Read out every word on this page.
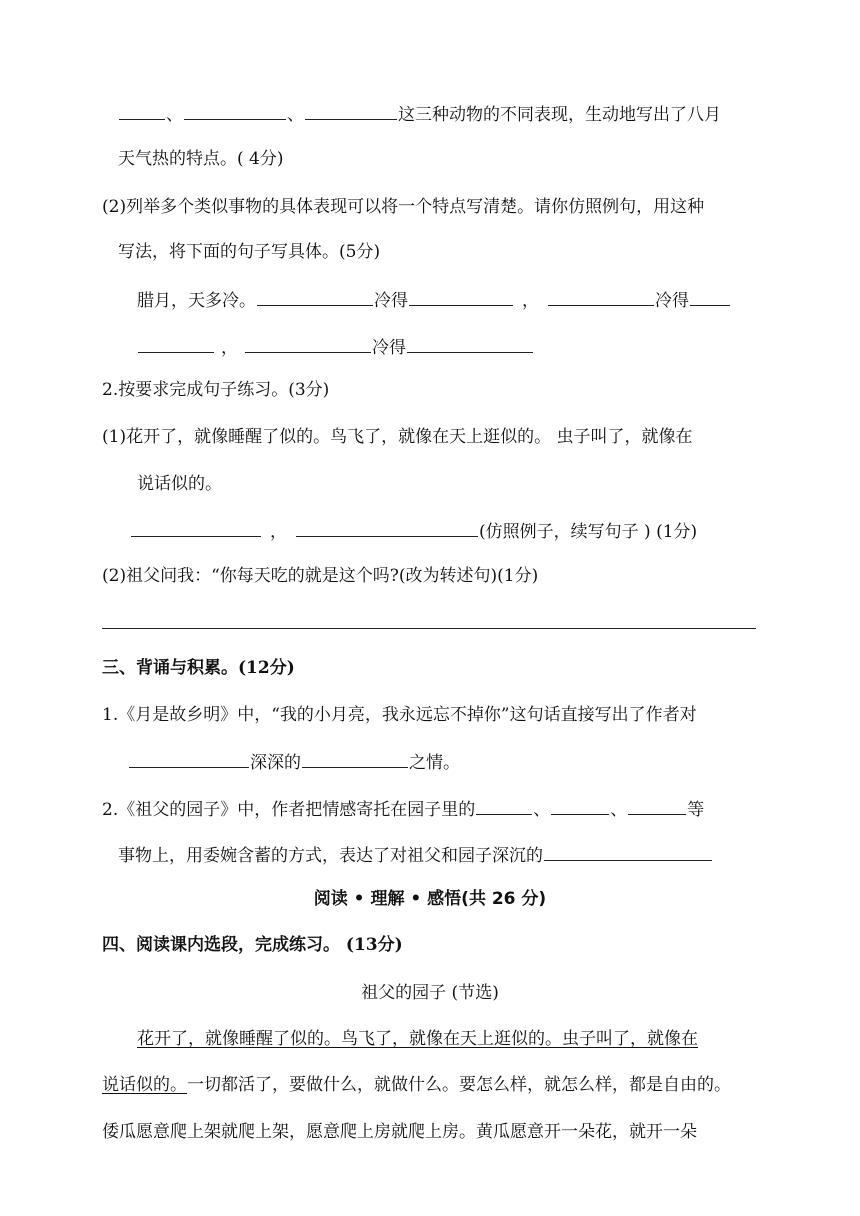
、	、	这三种动物的不同表现，生动地写出了八月
天气热的特点。( 4分)
(2)列举多个类似事物的具体表现可以将一个特点写清楚。请你仿照例句，用这种
写法，将下面的句子写具体。(5分)
腊月，天多冷。	冷得	，	冷得
，	冷得
2.按要求完成句子练习。(3分)
(1)花开了，就像睡醒了似的。鸟飞了，就像在天上逛似的。 虫子叫了，就像在
说话似的。
，	(仿照例子，续写句子 ) (1分)
(2)祖父问我：“你每天吃的就是这个吗?(改为转述句)(1分)
三、背诵与积累。(12分)
1.《月是故乡明》中，“我的小月亮，我永远忘不掉你”这句话直接写出了作者对
深深的	之情。
2.《祖父的园子》中，作者把情感寄托在园子里的	、	、	等
事物上，用委婉含蓄的方式，表达了对祖父和园子深沉的
阅读 • 理解 • 感悟(共 26 分)
四、阅读课内选段，完成练习。 (13分)
祖父的园子 (节选)
花开了，就像睡醒了似的。鸟飞了，就像在天上逛似的。虫子叫了，就像在
说话似的。一切都活了，要做什么，就做什么。要怎么样，就怎么样，都是自由的。
倭瓜愿意爬上架就爬上架，愿意爬上房就爬上房。黄瓜愿意开一朵花，就开一朵
